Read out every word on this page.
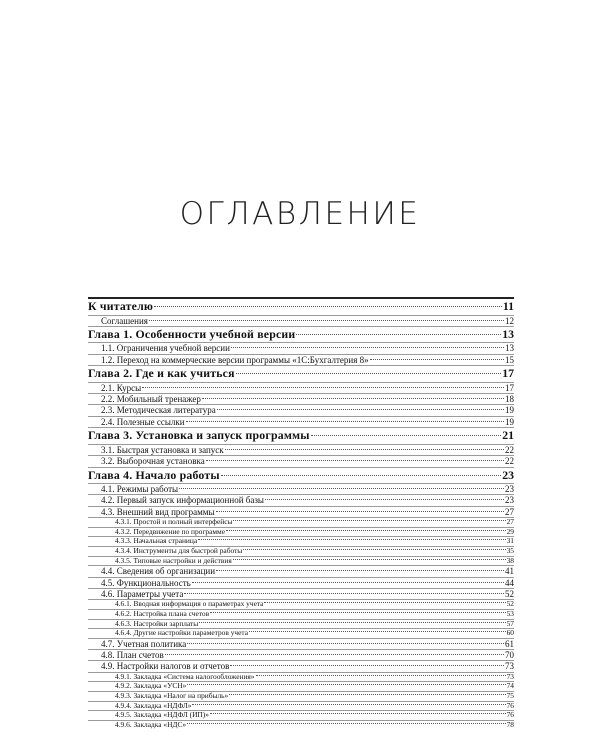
ОГЛАВЛЕНИЕ
К читателю	11
Соглашения	12
Глава 1. Особенности учебной версии	13
1.1. Ограничения учебной версии	13
1.2. Переход на коммерческие версии программы «1С:Бухгалтерия 8»	15
Глава 2. Где и как учиться	17
2.1. Курсы	17
2.2. Мобильный тренажер	18
2.3. Методическая литература	19
2.4. Полезные ссылки	19
Глава 3. Установка и запуск программы	21
3.1. Быстрая установка и запуск	22
3.2. Выборочная установка	22
Глава 4. Начало работы	23
4.1. Режимы работы	23
4.2. Первый запуск информационной базы	23
4.3. Внешний вид программы	27
4.3.1. Простой и полный интерфейсы	27
4.3.2. Передвижение по программе	29
4.3.3. Начальная страница	31
4.3.4. Инструменты для быстрой работы	35
4.3.5. Типовые настройки и действия	38
4.4. Сведения об организации	41
4.5. Функциональность	44
4.6. Параметры учета	52
4.6.1. Вводная информация о параметрах учета	52
4.6.2. Настройка плана счетов	53
4.6.3. Настройки зарплаты	57
4.6.4. Другие настройки параметров учета	60
4.7. Учетная политика	61
4.8. План счетов	70
4.9. Настройки налогов и отчетов	73
4.9.1. Закладка «Система налогообложения»	73
4.9.2. Закладка «УСН»	74
4.9.3. Закладка «Налог на прибыль»	75
4.9.4. Закладка «НДФЛ»	76
4.9.5. Закладка «НДФЛ (ИП)»	76
4.9.6. Закладка «НДС»	78
